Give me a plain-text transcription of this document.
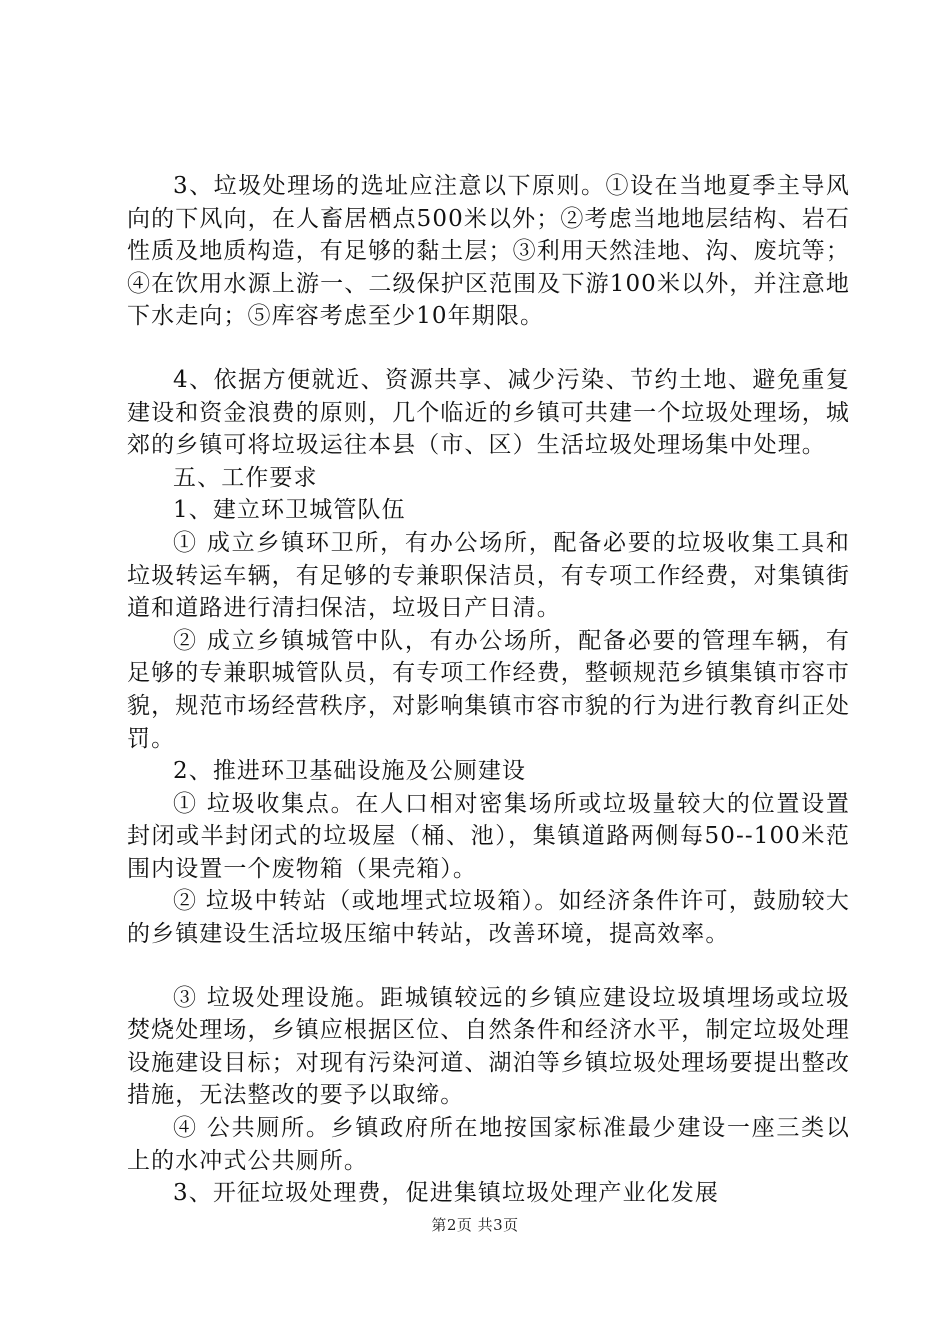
3、垃圾处理场的选址应注意以下原则。①设在当地夏季主导风向的下风向，在人畜居栖点500米以外；②考虑当地地层结构、岩石性质及地质构造，有足够的黏土层；③利用天然洼地、沟、废坑等；④在饮用水源上游一、二级保护区范围及下游100米以外，并注意地下水走向；⑤库容考虑至少10年期限。

4、依据方便就近、资源共享、减少污染、节约土地、避免重复建设和资金浪费的原则，几个临近的乡镇可共建一个垃圾处理场，城郊的乡镇可将垃圾运往本县（市、区）生活垃圾处理场集中处理。

五、工作要求

1、建立环卫城管队伍

① 成立乡镇环卫所，有办公场所，配备必要的垃圾收集工具和垃圾转运车辆，有足够的专兼职保洁员，有专项工作经费，对集镇街道和道路进行清扫保洁，垃圾日产日清。

② 成立乡镇城管中队，有办公场所，配备必要的管理车辆，有足够的专兼职城管队员，有专项工作经费，整顿规范乡镇集镇市容市貌，规范市场经营秩序，对影响集镇市容市貌的行为进行教育纠正处罚。

2、推进环卫基础设施及公厕建设

① 垃圾收集点。在人口相对密集场所或垃圾量较大的位置设置封闭或半封闭式的垃圾屋（桶、池），集镇道路两侧每50--100米范围内设置一个废物箱（果壳箱）。

② 垃圾中转站（或地埋式垃圾箱）。如经济条件许可，鼓励较大的乡镇建设生活垃圾压缩中转站，改善环境，提高效率。

③ 垃圾处理设施。距城镇较远的乡镇应建设垃圾填埋场或垃圾焚烧处理场，乡镇应根据区位、自然条件和经济水平，制定垃圾处理设施建设目标；对现有污染河道、湖泊等乡镇垃圾处理场要提出整改措施，无法整改的要予以取缔。

④ 公共厕所。乡镇政府所在地按国家标准最少建设一座三类以上的水冲式公共厕所。

3、开征垃圾处理费，促进集镇垃圾处理产业化发展

第2页 共3页
